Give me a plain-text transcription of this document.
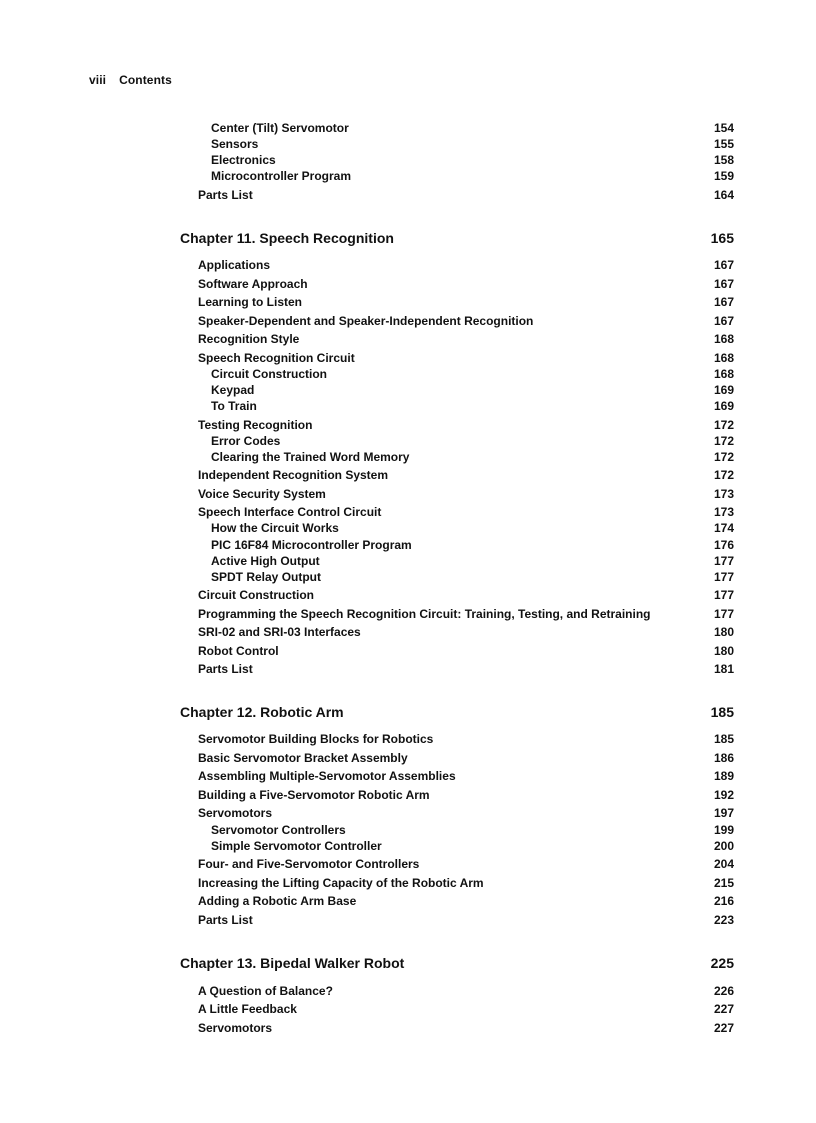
viii Contents
Center (Tilt) Servomotor	154
Sensors	155
Electronics	158
Microcontroller Program	159
Parts List	164
Chapter 11. Speech Recognition	165
Applications	167
Software Approach	167
Learning to Listen	167
Speaker-Dependent and Speaker-Independent Recognition	167
Recognition Style	168
Speech Recognition Circuit	168
Circuit Construction	168
Keypad	169
To Train	169
Testing Recognition	172
Error Codes	172
Clearing the Trained Word Memory	172
Independent Recognition System	172
Voice Security System	173
Speech Interface Control Circuit	173
How the Circuit Works	174
PIC 16F84 Microcontroller Program	176
Active High Output	177
SPDT Relay Output	177
Circuit Construction	177
Programming the Speech Recognition Circuit: Training, Testing, and Retraining	177
SRI-02 and SRI-03 Interfaces	180
Robot Control	180
Parts List	181
Chapter 12. Robotic Arm	185
Servomotor Building Blocks for Robotics	185
Basic Servomotor Bracket Assembly	186
Assembling Multiple-Servomotor Assemblies	189
Building a Five-Servomotor Robotic Arm	192
Servomotors	197
Servomotor Controllers	199
Simple Servomotor Controller	200
Four- and Five-Servomotor Controllers	204
Increasing the Lifting Capacity of the Robotic Arm	215
Adding a Robotic Arm Base	216
Parts List	223
Chapter 13. Bipedal Walker Robot	225
A Question of Balance?	226
A Little Feedback	227
Servomotors	227
